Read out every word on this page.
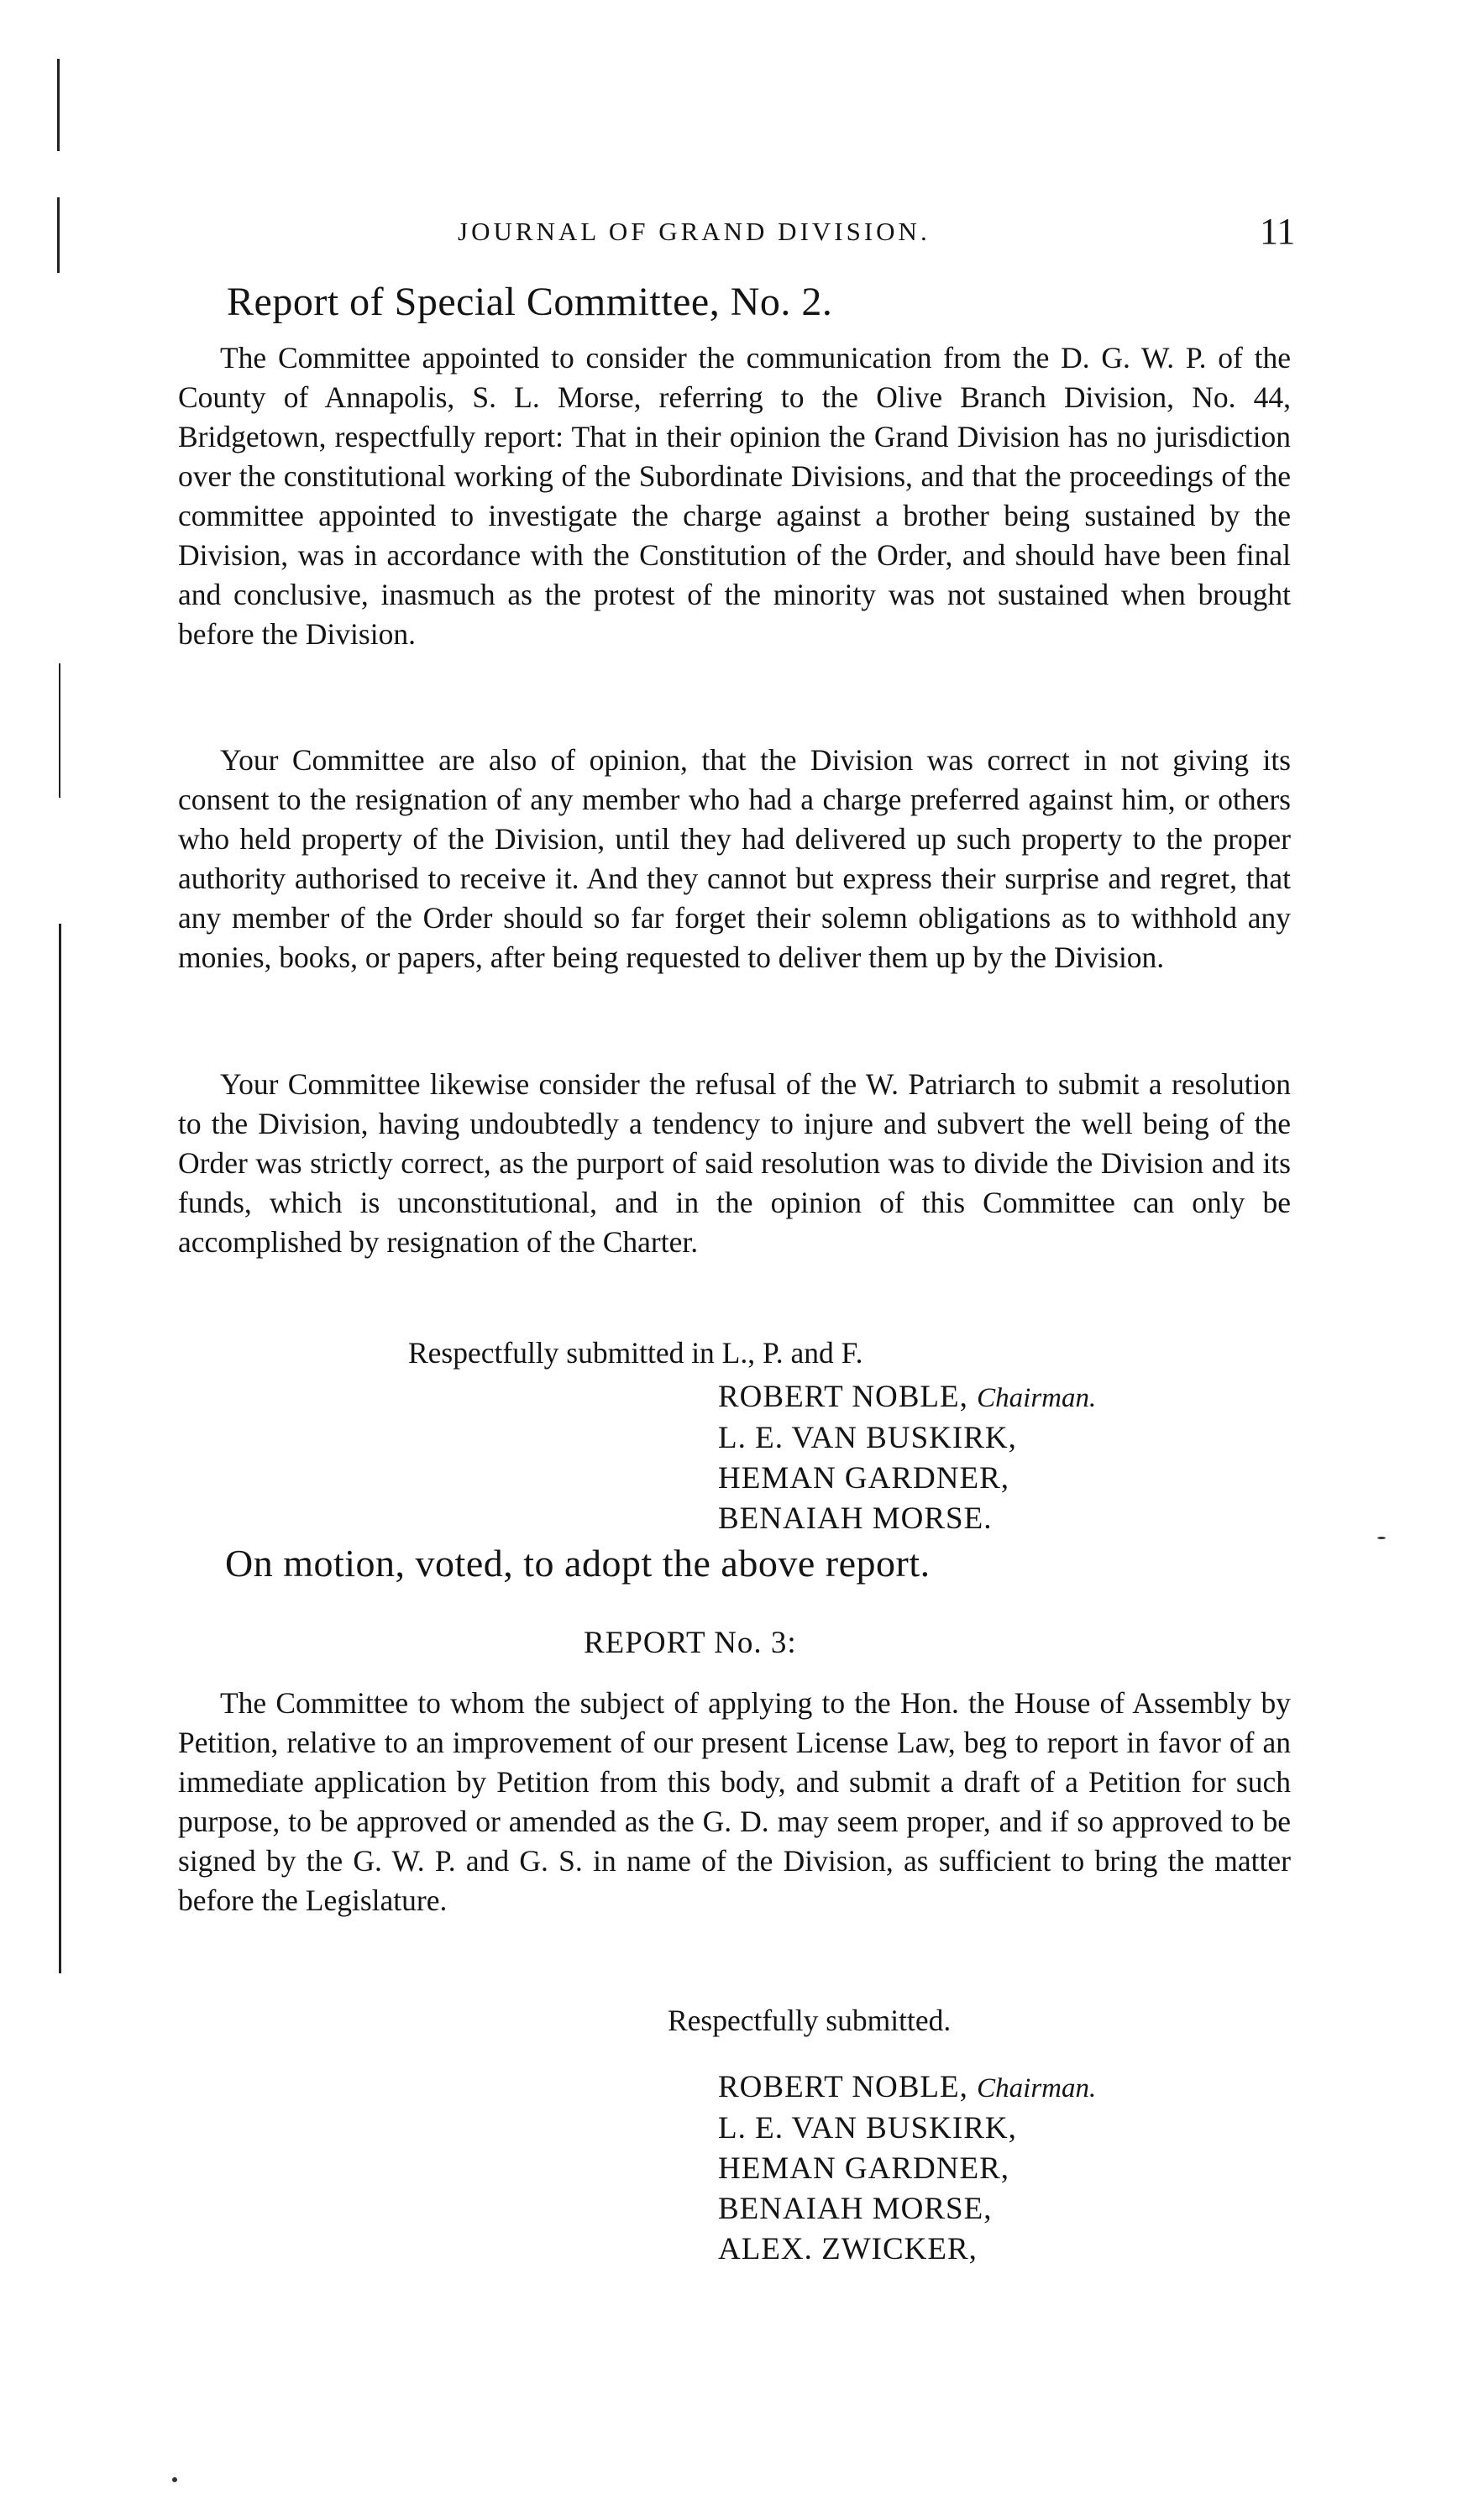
JOURNAL OF GRAND DIVISION.	11
Report of Special Committee, No. 2.

The Committee appointed to consider the communication from the D. G. W. P. of the County of Annapolis, S. L. Morse, referring to the Olive Branch Division, No. 44, Bridgetown, respectfully report: That in their opinion the Grand Division has no jurisdiction over the constitutional working of the Subordinate Divisions, and that the proceedings of the committee appointed to investigate the charge against a brother being sustained by the Division, was in accordance with the Constitution of the Order, and should have been final and conclusive, inasmuch as the protest of the minority was not sustained when brought before the Division.

Your Committee are also of opinion, that the Division was correct in not giving its consent to the resignation of any member who had a charge preferred against him, or others who held property of the Division, until they had delivered up such property to the proper authority authorised to receive it. And they cannot but express their surprise and regret, that any member of the Order should so far forget their solemn obligations as to withhold any monies, books, or papers, after being requested to deliver them up by the Division.

Your Committee likewise consider the refusal of the W. Patriarch to submit a resolution to the Division, having undoubtedly a tendency to injure and subvert the well being of the Order was strictly correct, as the purport of said resolution was to divide the Division and its funds, which is unconstitutional, and in the opinion of this Committee can only be accomplished by resignation of the Charter.

Respectfully submitted in L., P. and F.
ROBERT NOBLE, Chairman.
L. E. VAN BUSKIRK,
HEMAN GARDNER,
BENAIAH MORSE.
On motion, voted, to adopt the above report.
REPORT No. 3:

The Committee to whom the subject of applying to the Hon. the House of Assembly by Petition, relative to an improvement of our present License Law, beg to report in favor of an immediate application by Petition from this body, and submit a draft of a Petition for such purpose, to be approved or amended as the G. D. may seem proper, and if so approved to be signed by the G. W. P. and G. S. in name of the Division, as sufficient to bring the matter before the Legislature.

Respectfully submitted.
ROBERT NOBLE, Chairman.
L. E. VAN BUSKIRK,
HEMAN GARDNER,
BENAIAH MORSE,
ALEX. ZWICKER,
